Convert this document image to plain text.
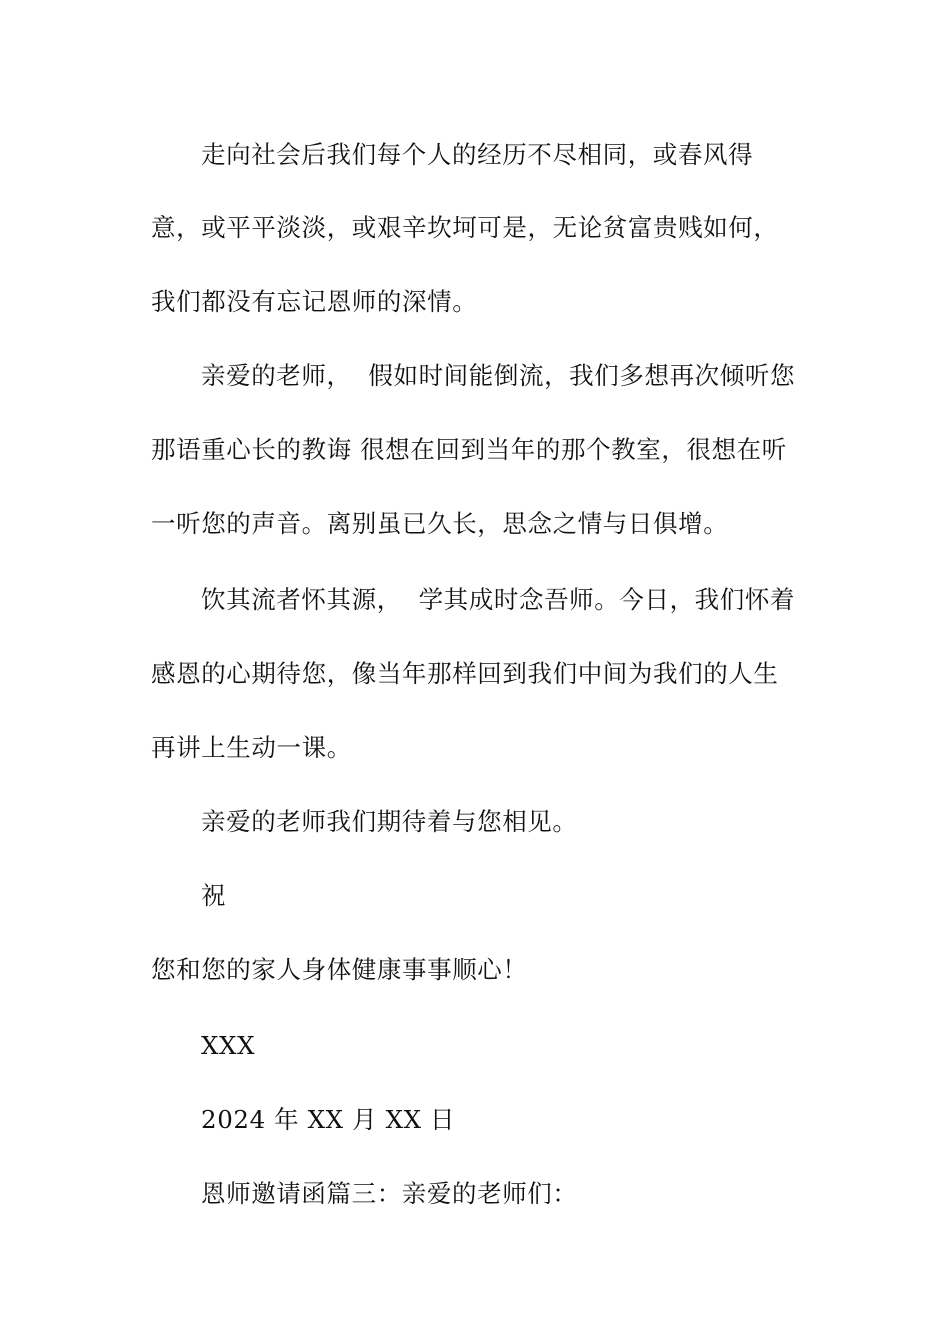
走向社会后我们每个人的经历不尽相同，或春风得
意，或平平淡淡，或艰辛坎坷可是，无论贫富贵贱如何，
我们都没有忘记恩师的深情。
亲爱的老师，  假如时间能倒流，我们多想再次倾听您
那语重心长的教诲 很想在回到当年的那个教室，很想在听
一听您的声音。离别虽已久长，思念之情与日俱增。
饮其流者怀其源，  学其成时念吾师。今日，我们怀着
感恩的心期待您，像当年那样回到我们中间为我们的人生
再讲上生动一课。
亲爱的老师我们期待着与您相见。
祝
您和您的家人身体健康事事顺心！
XXX
2024 年 XX 月 XX 日
恩师邀请函篇三：亲爱的老师们：
